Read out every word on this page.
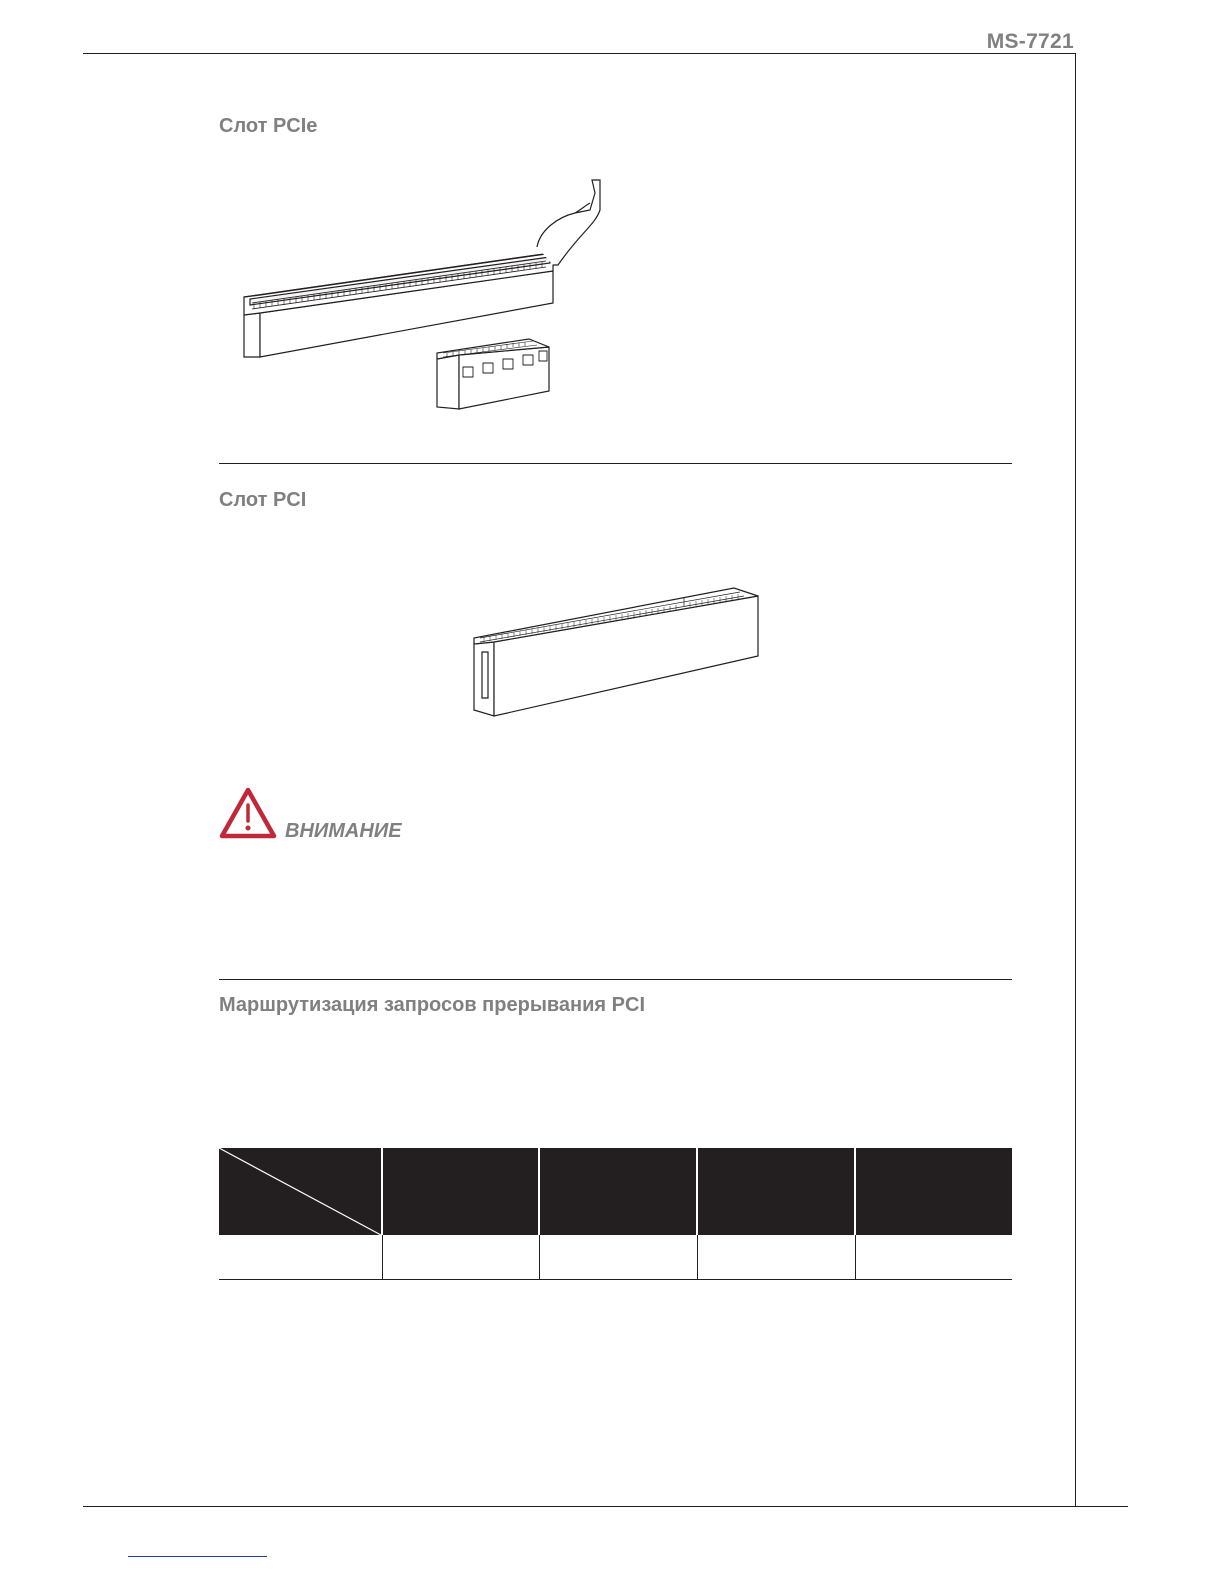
MS-7721
Слот PCIe
Слот PCI
ВНИМАНИЕ
Маршрутизация запросов прерывания PCI
